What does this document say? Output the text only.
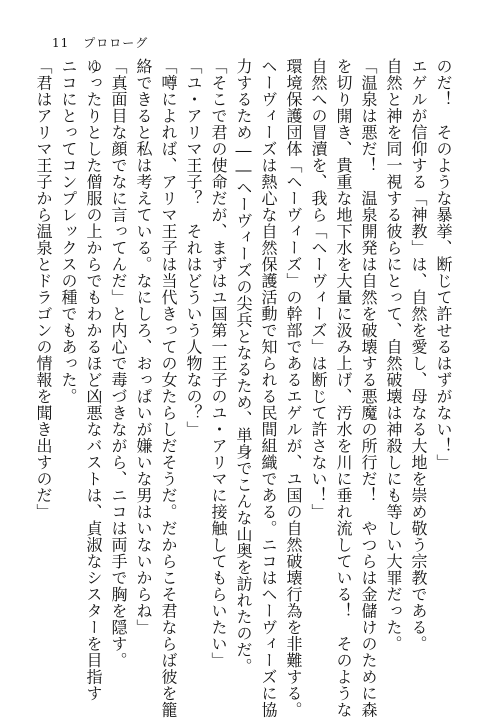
11 プロローグ
のだ！　そのような暴挙、断じて許せるはずがない！」
エゲルが信仰する「神教」は、自然を愛し、母なる大地を崇め敬う宗教である。
自然と神を同一視する彼らにとって、自然破壊は神殺しにも等しい大罪だった。
「温泉は悪だ！　温泉開発は自然を破壊する悪魔の所行だ！　やつらは金儲けのために森
を切り開き、貴重な地下水を大量に汲み上げ、汚水を川に垂れ流している！　そのような
自然への冒瀆を、我ら「ヘーヴィーズ」は断じて許さない！」
環境保護団体「ヘーヴィーズ」の幹部であるエゲルが、ユ国の自然破壊行為を非難する。
ヘーヴィーズは熱心な自然保護活動で知られる民間組織である。ニコはヘーヴィーズに協
力するため――ヘーヴィーズの尖兵となるため、単身でこんな山奥を訪れたのだ。
「そこで君の使命だが、まずはユ国第一王子のユ・アリマに接触してもらいたい」
「ユ・アリマ王子？　それはどういう人物なの？」
「噂によれば、アリマ王子は当代きっての女たらしだそうだ。だからこそ君ならば彼を籠
絡できると私は考えている。なにしろ、おっぱいが嫌いな男はいないからね」
「真面目な顔でなに言ってんだ」と内心で毒づきながら、ニコは両手で胸を隠す。
ゆったりとした僧服の上からでもわかるほど凶悪なバストは、貞淑なシスターを目指す
ニコにとってコンプレックスの種でもあった。
「君はアリマ王子から温泉とドラゴンの情報を聞き出すのだ」
